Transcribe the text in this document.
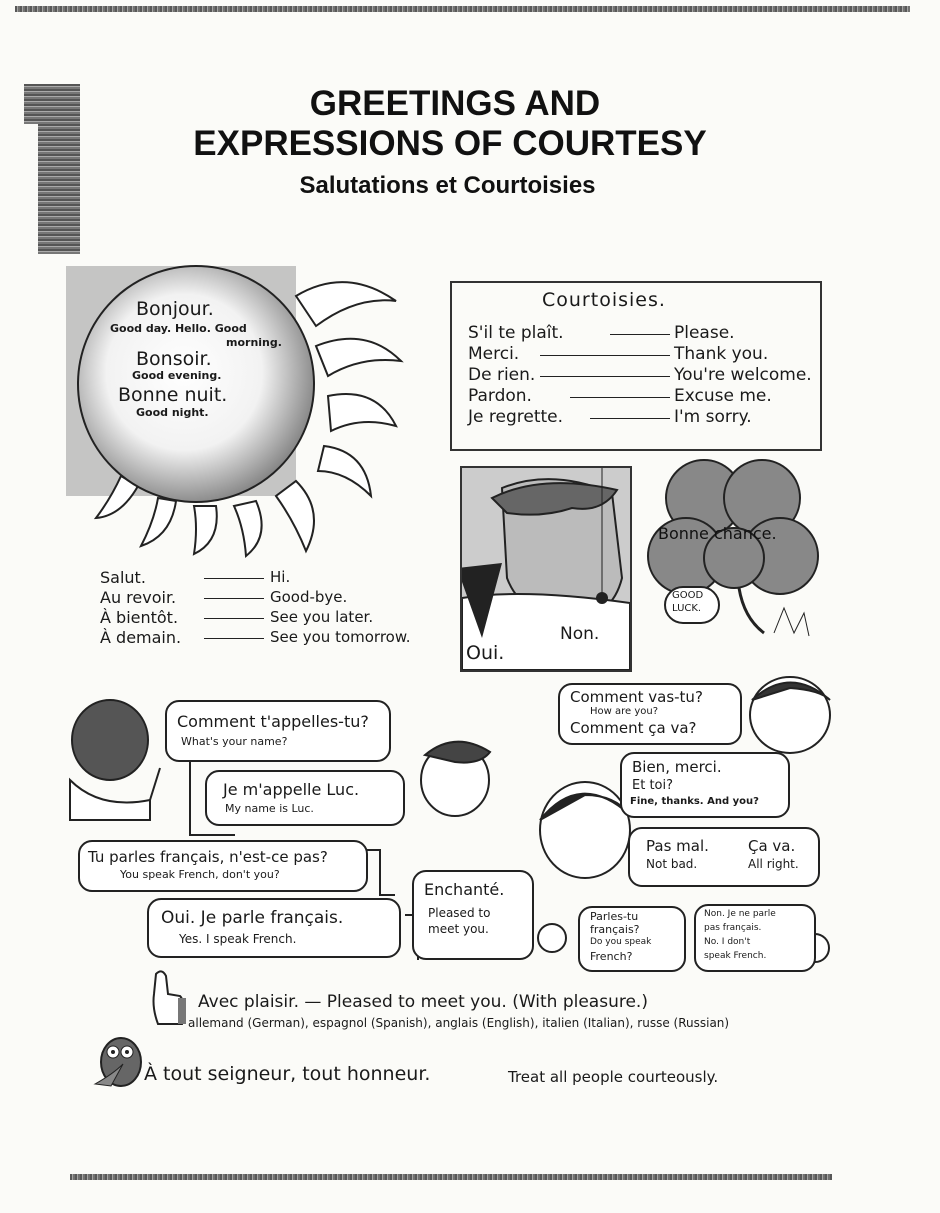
GREETINGS AND
EXPRESSIONS OF COURTESY
Salutations et Courtoisies
Bonjour.
Good day. Hello. Good
morning.
Bonsoir.
Good evening.
Bonne nuit.
Good night.
Courtoisies.
S'il te plaît.	Please.
Merci.	Thank you.
De rien.	You're welcome.
Pardon.	Excuse me.
Je regrette.	I'm sorry.
Salut.	Hi.
Au revoir.	Good-bye.
À bientôt.	See you later.
À demain.	See you tomorrow.
Oui.
Non.
Bonne chance.
GOOD
LUCK.
Comment t'appelles-tu?
What's your name?
Je m'appelle Luc.
My name is Luc.
Tu parles français, n'est-ce pas?
You speak French, don't you?
Oui. Je parle français.
Yes. I speak French.
Enchanté.
Pleased to
meet you.
Comment vas-tu?
How are you?
Comment ça va?
Bien, merci.
Et toi?
Fine, thanks. And you?
Pas mal.
Not bad.
Ça va.
All right.
Parles-tu
français?
Do you speak
French?
Non. Je ne parle
pas français.
No. I don't
speak French.
Avec plaisir. — Pleased to meet you. (With pleasure.)
allemand (German), espagnol (Spanish), anglais (English), italien (Italian), russe (Russian)
À tout seigneur, tout honneur.	Treat all people courteously.
